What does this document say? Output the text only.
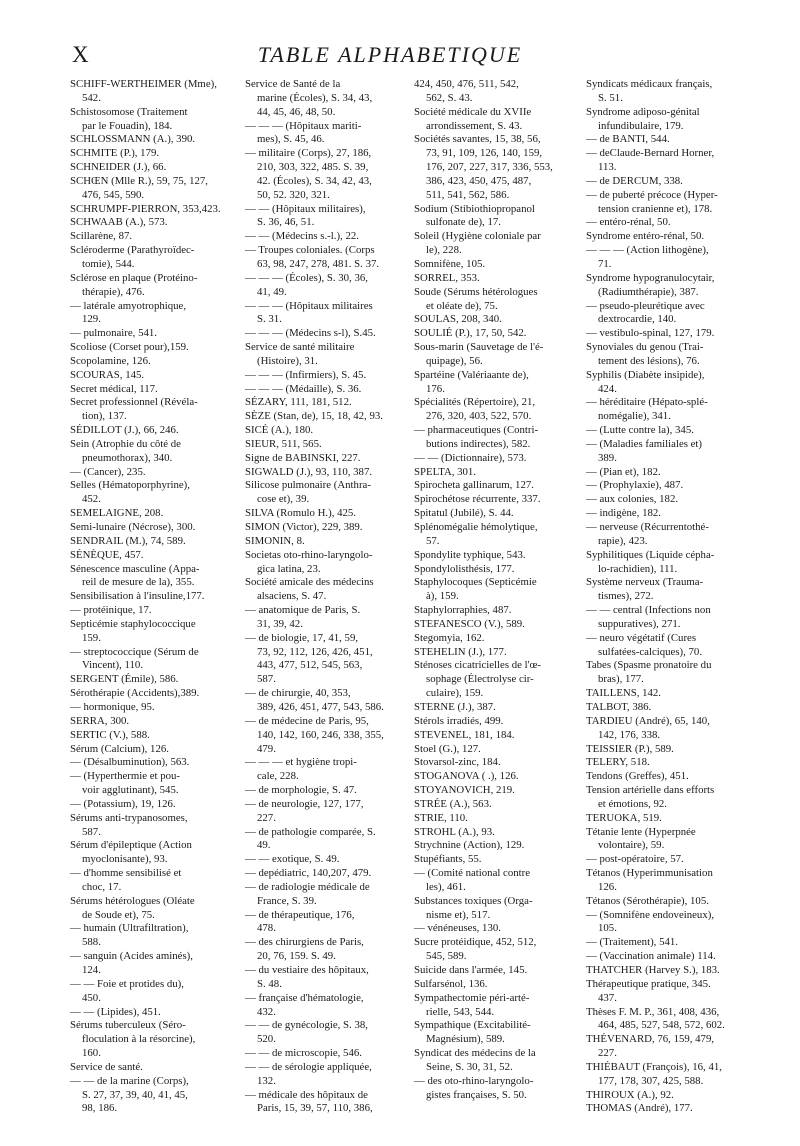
X	TABLE ALPHABETIQUE

SCHIFF-WERTHEIMER (Mme),
542.

Schistosomose (Traitement
par le Fouadin), 184.

SCHLOSSMANN (A.), 390.

SCHMITE (P.), 179.

SCHNEIDER (J.), 66.

SCHŒN (Mlle R.), 59, 75, 127,
476, 545, 590.

SCHRUMPF-PIERRON, 353,423.

SCHWAAB (A.), 573.

Scillarène, 87.

Scléroderme (Parathyroïdec-
tomie), 544.

Sclérose en plaque (Protéino-
thérapie), 476.

— latérale amyotrophique,
129.

— pulmonaire, 541.

Scoliose (Corset pour),159.

Scopolamine, 126.

SCOURAS, 145.

Secret médical, 117.

Secret professionnel (Révéla-
tion), 137.

SÉDILLOT (J.), 66, 246.

Sein (Atrophie du côté de
pneumothorax), 340.

— (Cancer), 235.

Selles (Hématoporphyrine),
452.

SEMELAIGNE, 208.

Semi-lunaire (Nécrose), 300.

SENDRAIL (M.), 74, 589.

SÉNÈQUE, 457.

Sénescence masculine (Appa-
reil de mesure de la), 355.

Sensibilisation à l'insuline,177.

— protéinique, 17.

Septicémie staphylococcique
159.

— streptococcique (Sérum de
Vincent), 110.

SERGENT (Émile), 586.

Sérothérapie (Accidents),389.

— hormonique, 95.

SERRA, 300.

SERTIC (V.), 588.

Sérum (Calcium), 126.

— (Désalbuminution), 563.

— (Hyperthermie et pou-
voir agglutinant), 545.

— (Potassium), 19, 126.

Sérums anti-trypanosomes,
587.

Sérum d'épileptique (Action
myoclonisante), 93.

— d'homme sensibilisé et
choc, 17.

Sérums hétérologues (Oléate
de Soude et), 75.

— humain (Ultrafiltration),
588.

— sanguin (Acides aminés),
124.

— — Foie et protides du),
450.

— — (Lipides), 451.

Sérums tuberculeux (Séro-
floculation à la résorcine),
160.

Service de santé.

— — de la marine (Corps),
S. 27, 37, 39, 40, 41, 45,
98, 186.

Service de Santé de la
marine (Écoles), S. 34, 43,
44, 45, 46, 48, 50.

— — — (Hôpitaux mariti-
mes), S. 45, 46.

— militaire (Corps), 27, 186,
210, 303, 322, 485. S. 39,
42. (Écoles), S. 34, 42, 43,
50, 52. 320, 321.

— — (Hôpitaux militaires),
S. 36, 46, 51.

— — (Médecins s.-l.), 22.

— Troupes coloniales. (Corps
63, 98, 247, 278, 481. S. 37.

— — — (Écoles), S. 30, 36,
41, 49.

— — — (Hôpitaux militaires
S. 31.

— — — (Médecins s-l), S.45.

Service de santé militaire
(Histoire), 31.

— — — (Infirmiers), S. 45.

— — — (Médaille), S. 36.

SÉZARY, 111, 181, 512.

SÈZE (Stan, de), 15, 18, 42, 93.

SICÉ (A.), 180.

SIEUR, 511, 565.

Signe de BABINSKI, 227.

SIGWALD (J.), 93, 110, 387.

Silicose pulmonaire (Anthra-
cose et), 39.

SILVA (Romulo H.), 425.

SIMON (Victor), 229, 389.

SIMONIN, 8.

Societas oto-rhino-laryngolo-
gica latina, 23.

Société amicale des médecins
alsaciens, S. 47.

— anatomique de Paris, S.
31, 39, 42.

— de biologie, 17, 41, 59,
73, 92, 112, 126, 426, 451,
443, 477, 512, 545, 563,
587.

— de chirurgie, 40, 353,
389, 426, 451, 477, 543, 586.

— de médecine de Paris, 95,
140, 142, 160, 246, 338, 355,
479.

— — — et hygiène tropi-
cale, 228.

— de morphologie, S. 47.

— de neurologie, 127, 177,
227.

— de pathologie comparée, S.
49.

— — exotique, S. 49.

— depédiatric, 140,207, 479.

— de radiologie médicale de
France, S. 39.

— de thérapeutique, 176,
478.

— des chirurgiens de Paris,
20, 76, 159. S. 49.

— du vestiaire des hôpitaux,
S. 48.

— française d'hématologie,
432.

— — de gynécologie, S. 38,
520.

— — de microscopie, 546.

— — de sérologie appliquée,
132.

— médicale des hôpitaux de
Paris, 15, 39, 57, 110, 386,

424, 450, 476, 511, 542,
562, S. 43.

Société médicale du XVIIe
arrondissement, S. 43.

Sociétés savantes, 15, 38, 56,
73, 91, 109, 126, 140, 159,
176, 207, 227, 317, 336, 553,
386, 423, 450, 475, 487,
511, 541, 562, 586.

Sodium (Stibiothiopropanol
sulfonate de), 17.

Soleil (Hygiène coloniale par
le), 228.

Somnifène, 105.

SORREL, 353.

Soude (Sérums hétérologues
et oléate de), 75.

SOULAS, 208, 340.

SOULIÉ (P.), 17, 50, 542.

Sous-marin (Sauvetage de l'é-
quipage), 56.

Spartéine (Valériaante de),
176.

Spécialités (Répertoire), 21,
276, 320, 403, 522, 570.

— pharmaceutiques (Contri-
butions indirectes), 582.

— — (Dictionnaire), 573.

SPELTA, 301.

Spirocheta gallinarum, 127.

Spirochétose récurrente, 337.

Spitatul (Jubilé), S. 44.

Splénomégalie hémolytique,
57.

Spondylite typhique, 543.

Spondylolisthésis, 177.

Staphylocoques (Septicémie
à), 159.

Staphylorraphies, 487.

STEFANESCO (V.), 589.

Stegomyia, 162.

STEHELIN (J.), 177.

Sténoses cicatricielles de l'œ-
sophage (Électrolyse cir-
culaire), 159.

STERNE (J.), 387.

Stérols irradiés, 499.

STEVENEL, 181, 184.

Stoel (G.), 127.

Stovarsol-zinc, 184.

STOGANOVA ( .), 126.

STOYANOVICH, 219.

STRÉE (A.), 563.

STRIE, 110.

STROHL (A.), 93.

Strychnine (Action), 129.

Stupéfiants, 55.

— (Comité national contre
les), 461.

Substances toxiques (Orga-
nisme et), 517.

— vénéneuses, 130.

Sucre protéidique, 452, 512,
545, 589.

Suicide dans l'armée, 145.

Sulfarsénol, 136.

Sympathectomie péri-arté-
rielle, 543, 544.

Sympathique (Excitabilité-
Magnésium), 589.

Syndicat des médecins de la
Seine, S. 30, 31, 52.

— des oto-rhino-laryngolo-
gistes françaises, S. 50.

Syndicats médicaux français,
S. 51.

Syndrome adiposo-génital
infundibulaire, 179.

— de BANTI, 544.

— deClaude-Bernard Horner,
113.

— de DERCUM, 338.

— de puberté précoce (Hyper-
tension cranienne et), 178.

— entéro-rénal, 50.

Syndrome entéro-rénal, 50.

— — — (Action lithogène),
71.

Syndrome hypogranulocytair,
(Radiumthérapie), 387.

— pseudo-pleurétique avec
dextrocardie, 140.

— vestibulo-spinal, 127, 179.

Synoviales du genou (Trai-
tement des lésions), 76.

Syphilis (Diabète insipide),
424.

— héréditaire (Hépato-splé-
nomégalie), 341.

— (Lutte contre la), 345.

— (Maladies familiales et)
389.

— (Pian et), 182.

— (Prophylaxie), 487.

— aux colonies, 182.

— indigène, 182.

— nerveuse (Récurrentothé-
rapie), 423.

Syphilitiques (Liquide cépha-
lo-rachidien), 111.

Système nerveux (Trauma-
tismes), 272.

— — central (Infections non
suppuratives), 271.

— neuro végétatif (Cures
sulfatées-calciques), 70.

Tabes (Spasme pronatoire du
bras), 177.

TAILLENS, 142.

TALBOT, 386.

TARDIEU (André), 65, 140,
142, 176, 338.

TEISSIER (P.), 589.

TELERY, 518.

Tendons (Greffes), 451.

Tension artérielle dans efforts
et émotions, 92.

TERUOKA, 519.

Tétanie lente (Hyperpnée
volontaire), 59.

— post-opératoire, 57.

Tétanos (Hyperimmunisation
126.

Tétanos (Sérothérapie), 105.

— (Somnifène endoveineux),
105.

— (Traitement), 541.

— (Vaccination animale) 114.

THATCHER (Harvey S.), 183.

Thérapeutique pratique, 345.
437.

Thèses F. M. P., 361, 408, 436,
464, 485, 527, 548, 572, 602.

THÉVENARD, 76, 159, 479,
227.

THIÉBAUT (François), 16, 41,
177, 178, 307, 425, 588.

THIROUX (A.), 92.

THOMAS (André), 177.
